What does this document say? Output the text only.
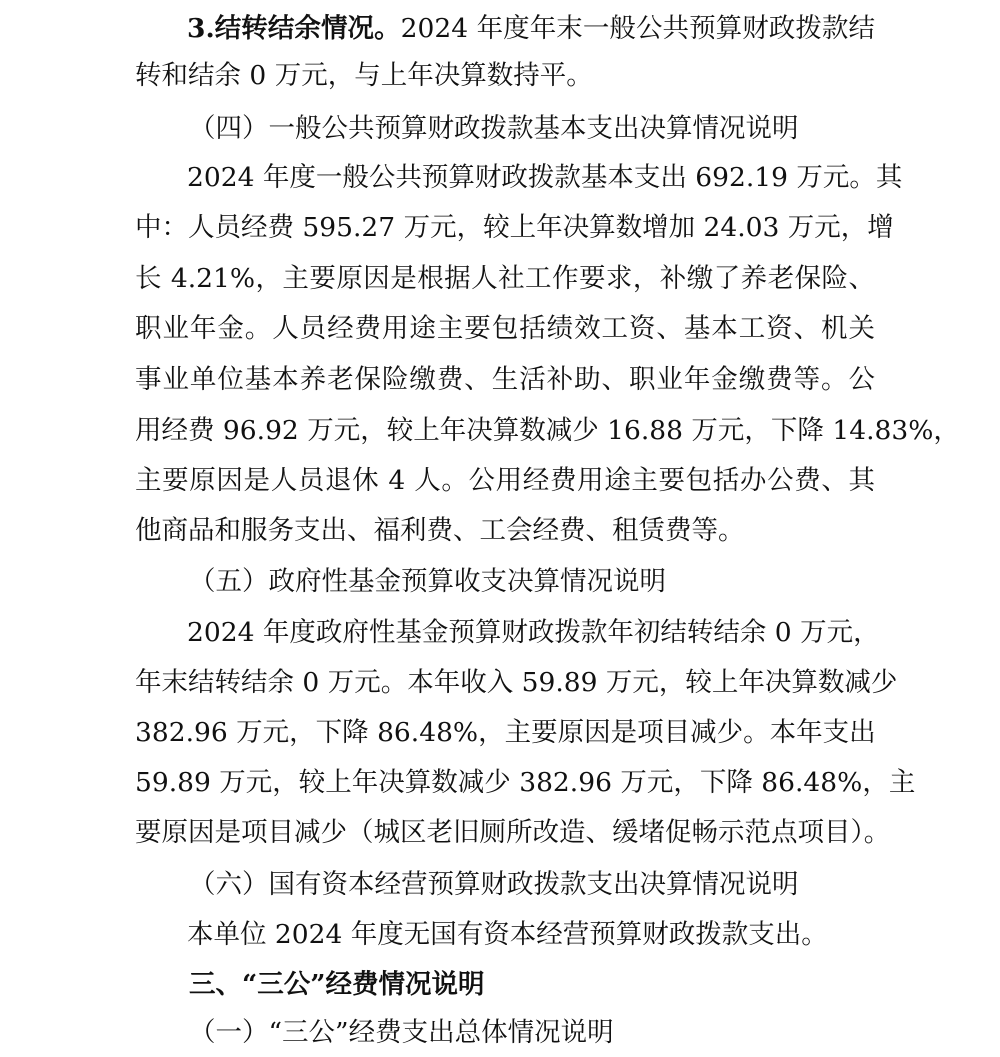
3.结转结余情况。2024 年度年末一般公共预算财政拨款结
转和结余 0 万元，与上年决算数持平。
（四）一般公共预算财政拨款基本支出决算情况说明
2024 年度一般公共预算财政拨款基本支出 692.19 万元。其
中：人员经费 595.27 万元，较上年决算数增加 24.03 万元，增
长 4.21%，主要原因是根据人社工作要求，补缴了养老保险、
职业年金。人员经费用途主要包括绩效工资、基本工资、机关
事业单位基本养老保险缴费、生活补助、职业年金缴费等。公
用经费 96.92 万元，较上年决算数减少 16.88 万元，下降 14.83%，
主要原因是人员退休 4 人。公用经费用途主要包括办公费、其
他商品和服务支出、福利费、工会经费、租赁费等。
（五）政府性基金预算收支决算情况说明
2024 年度政府性基金预算财政拨款年初结转结余 0 万元，
年末结转结余 0 万元。本年收入 59.89 万元，较上年决算数减少
382.96 万元，下降 86.48%，主要原因是项目减少。本年支出
59.89 万元，较上年决算数减少 382.96 万元，下降 86.48%，主
要原因是项目减少（城区老旧厕所改造、缓堵促畅示范点项目）。
（六）国有资本经营预算财政拨款支出决算情况说明
本单位 2024 年度无国有资本经营预算财政拨款支出。
三、“三公”经费情况说明
（一）“三公”经费支出总体情况说明
